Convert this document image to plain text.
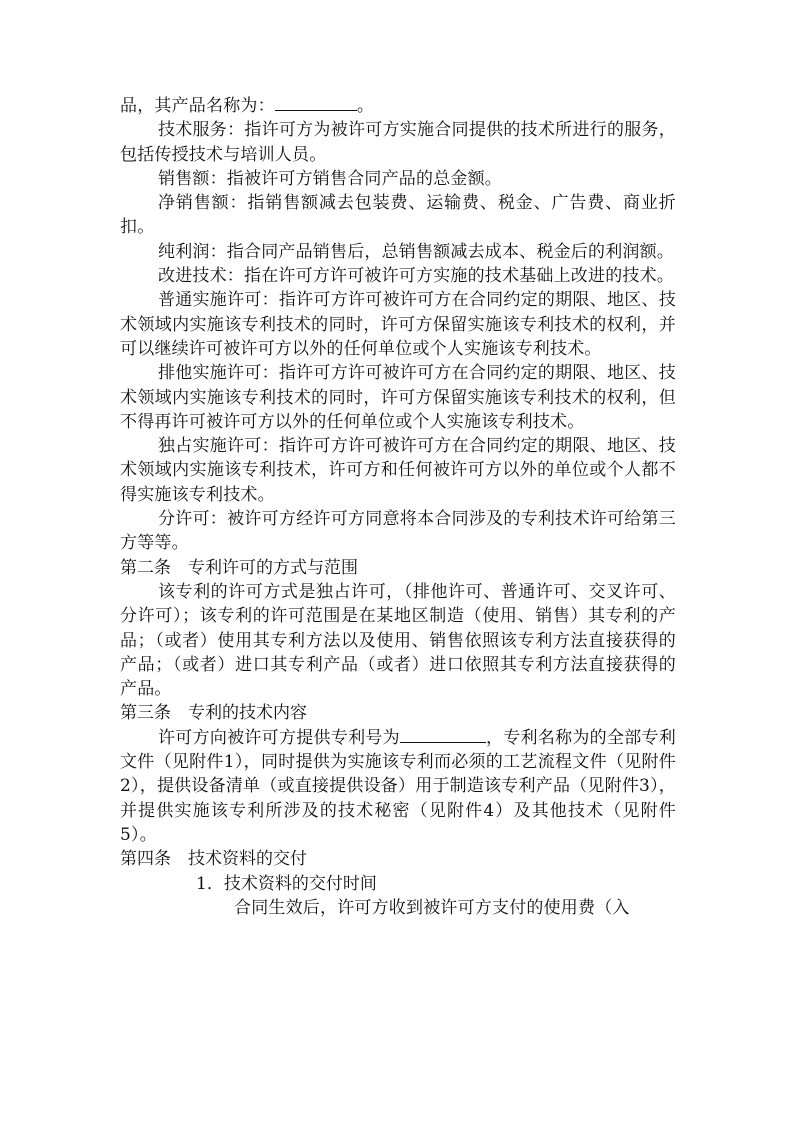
品，其产品名称为：	。

技术服务：指许可方为被许可方实施合同提供的技术所进行的服务，包括传授技术与培训人员。

销售额：指被许可方销售合同产品的总金额。

净销售额：指销售额减去包装费、运输费、税金、广告费、商业折扣。

纯利润：指合同产品销售后，总销售额减去成本、税金后的利润额。

改进技术：指在许可方许可被许可方实施的技术基础上改进的技术。

普通实施许可：指许可方许可被许可方在合同约定的期限、地区、技术领域内实施该专利技术的同时，许可方保留实施该专利技术的权利，并可以继续许可被许可方以外的任何单位或个人实施该专利技术。

排他实施许可：指许可方许可被许可方在合同约定的期限、地区、技术领域内实施该专利技术的同时，许可方保留实施该专利技术的权利，但不得再许可被许可方以外的任何单位或个人实施该专利技术。

独占实施许可：指许可方许可被许可方在合同约定的期限、地区、技术领域内实施该专利技术，许可方和任何被许可方以外的单位或个人都不得实施该专利技术。

分许可：被许可方经许可方同意将本合同涉及的专利技术许可给第三方等等。

第二条　专利许可的方式与范围

该专利的许可方式是独占许可，（排他许可、普通许可、交叉许可、分许可）；该专利的许可范围是在某地区制造（使用、销售）其专利的产品；（或者）使用其专利方法以及使用、销售依照该专利方法直接获得的产品；（或者）进口其专利产品（或者）进口依照其专利方法直接获得的产品。

第三条　专利的技术内容

许可方向被许可方提供专利号为	，专利名称为的全部专利文件（见附件1），同时提供为实施该专利而必须的工艺流程文件（见附件2），提供设备清单（或直接提供设备）用于制造该专利产品（见附件3），并提供实施该专利所涉及的技术秘密（见附件4）及其他技术（见附件5）。

第四条　技术资料的交付

1．技术资料的交付时间

合同生效后，许可方收到被许可方支付的使用费（入
